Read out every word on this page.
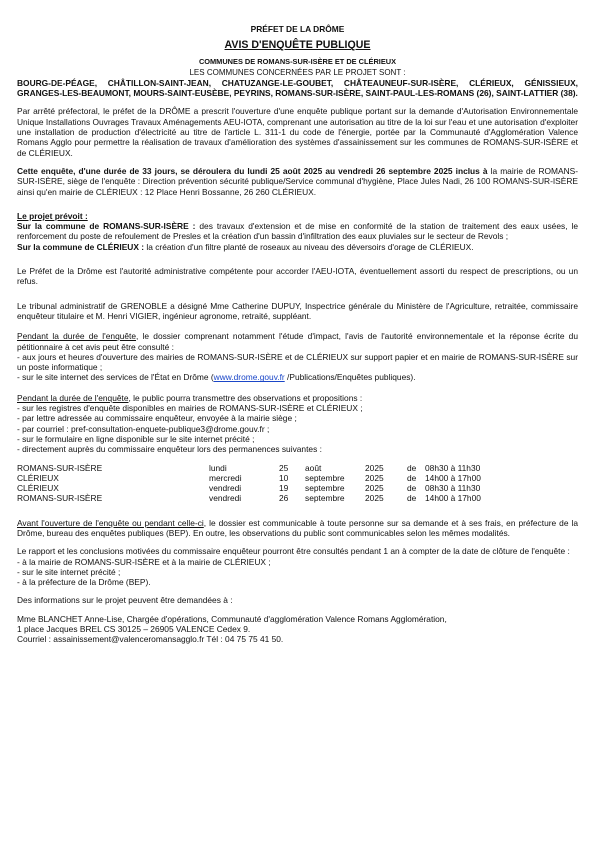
PRÉFET DE LA DRÔME
AVIS D'ENQUÊTE PUBLIQUE
COMMUNES DE ROMANS-SUR-ISÈRE ET DE CLÉRIEUX
LES COMMUNES CONCERNÉES PAR LE PROJET SONT :
BOURG-DE-PÉAGE, CHÂTILLON-SAINT-JEAN, CHATUZANGE-LE-GOUBET, CHÂTEAUNEUF-SUR-ISÈRE, CLÉRIEUX, GÉNISSIEUX, GRANGES-LES-BEAUMONT, MOURS-SAINT-EUSÈBE, PEYRINS, ROMANS-SUR-ISÈRE, SAINT-PAUL-LES-ROMANS (26), SAINT-LATTIER (38).

Par arrêté préfectoral, le préfet de la DRÔME a prescrit l'ouverture d'une enquête publique portant sur la demande d'Autorisation Environnementale Unique Installations Ouvrages Travaux Aménagements AEU-IOTA, comprenant une autorisation au titre de la loi sur l'eau et une autorisation d'exploiter une installation de production d'électricité au titre de l'article L. 311-1 du code de l'énergie, portée par la Communauté d'Agglomération Valence Romans Agglo pour permettre la réalisation de travaux d'amélioration des systèmes d'assainissement sur les communes de ROMANS-SUR-ISÈRE et de CLÉRIEUX.

Cette enquête, d'une durée de 33 jours, se déroulera du lundi 25 août 2025 au vendredi 26 septembre 2025 inclus à la mairie de ROMANS-SUR-ISÈRE, siège de l'enquête : Direction prévention sécurité publique/Service communal d'hygiène, Place Jules Nadi, 26 100 ROMANS-SUR-ISÈRE ainsi qu'en mairie de CLÉRIEUX : 12 Place Henri Bossanne, 26 260 CLÉRIEUX.

Le projet prévoit :
Sur la commune de ROMANS-SUR-ISÈRE : des travaux d'extension et de mise en conformité de la station de traitement des eaux usées, le renforcement du poste de refoulement de Presles et la création d'un bassin d'infiltration des eaux pluviales sur le secteur de Revols ;
Sur la commune de CLÉRIEUX : la création d'un filtre planté de roseaux au niveau des déversoirs d'orage de CLÉRIEUX.

Le Préfet de la Drôme est l'autorité administrative compétente pour accorder l'AEU-IOTA, éventuellement assorti du respect de prescriptions, ou un refus.

Le tribunal administratif de GRENOBLE a désigné Mme Catherine DUPUY, Inspectrice générale du Ministère de l'Agriculture, retraitée, commissaire enquêteur titulaire et M. Henri VIGIER, ingénieur agronome, retraité, suppléant.

Pendant la durée de l'enquête, le dossier comprenant notamment l'étude d'impact, l'avis de l'autorité environnementale et la réponse écrite du pétitionnaire à cet avis peut être consulté :
- aux jours et heures d'ouverture des mairies de ROMANS-SUR-ISÈRE et de CLÉRIEUX sur support papier et en mairie de ROMANS-SUR-ISÈRE sur un poste informatique ;
- sur le site internet des services de l'État en Drôme (www.drome.gouv.fr /Publications/Enquêtes publiques).
Pendant la durée de l'enquête, le public pourra transmettre des observations et propositions :
- sur les registres d'enquête disponibles en mairies de ROMANS-SUR-ISÈRE et CLÉRIEUX ;
- par lettre adressée au commissaire enquêteur, envoyée à la mairie siège ;
- par courriel : pref-consultation-enquete-publique3@drome.gouv.fr ;
- sur le formulaire en ligne disponible sur le site internet précité ;
- directement auprès du commissaire enquêteur lors des permanences suivantes :
ROMANS-SUR-ISÈRE	lundi	25	août	2025	de	08h30 à 11h30
CLÉRIEUX	mercredi	10	septembre	2025	de	14h00 à 17h00
CLÉRIEUX	vendredi	19	septembre	2025	de	08h30 à 11h30
ROMANS-SUR-ISÈRE	vendredi	26	septembre	2025	de	14h00 à 17h00

Avant l'ouverture de l'enquête ou pendant celle-ci, le dossier est communicable à toute personne sur sa demande et à ses frais, en préfecture de la Drôme, bureau des enquêtes publiques (BEP). En outre, les observations du public sont communicables selon les mêmes modalités.

Le rapport et les conclusions motivées du commissaire enquêteur pourront être consultés pendant 1 an à compter de la date de clôture de l'enquête :
- à la mairie de ROMANS-SUR-ISÈRE et à la mairie de CLÉRIEUX ;
- sur le site internet précité ;
- à la préfecture de la Drôme (BEP).

Des informations sur le projet peuvent être demandées à :

Mme BLANCHET Anne-Lise, Chargée d'opérations, Communauté d'agglomération Valence Romans Agglomération,
1 place Jacques BREL CS 30125 – 26905 VALENCE Cedex 9.
Courriel : assainissement@valenceromansagglo.fr Tél : 04 75 75 41 50.
